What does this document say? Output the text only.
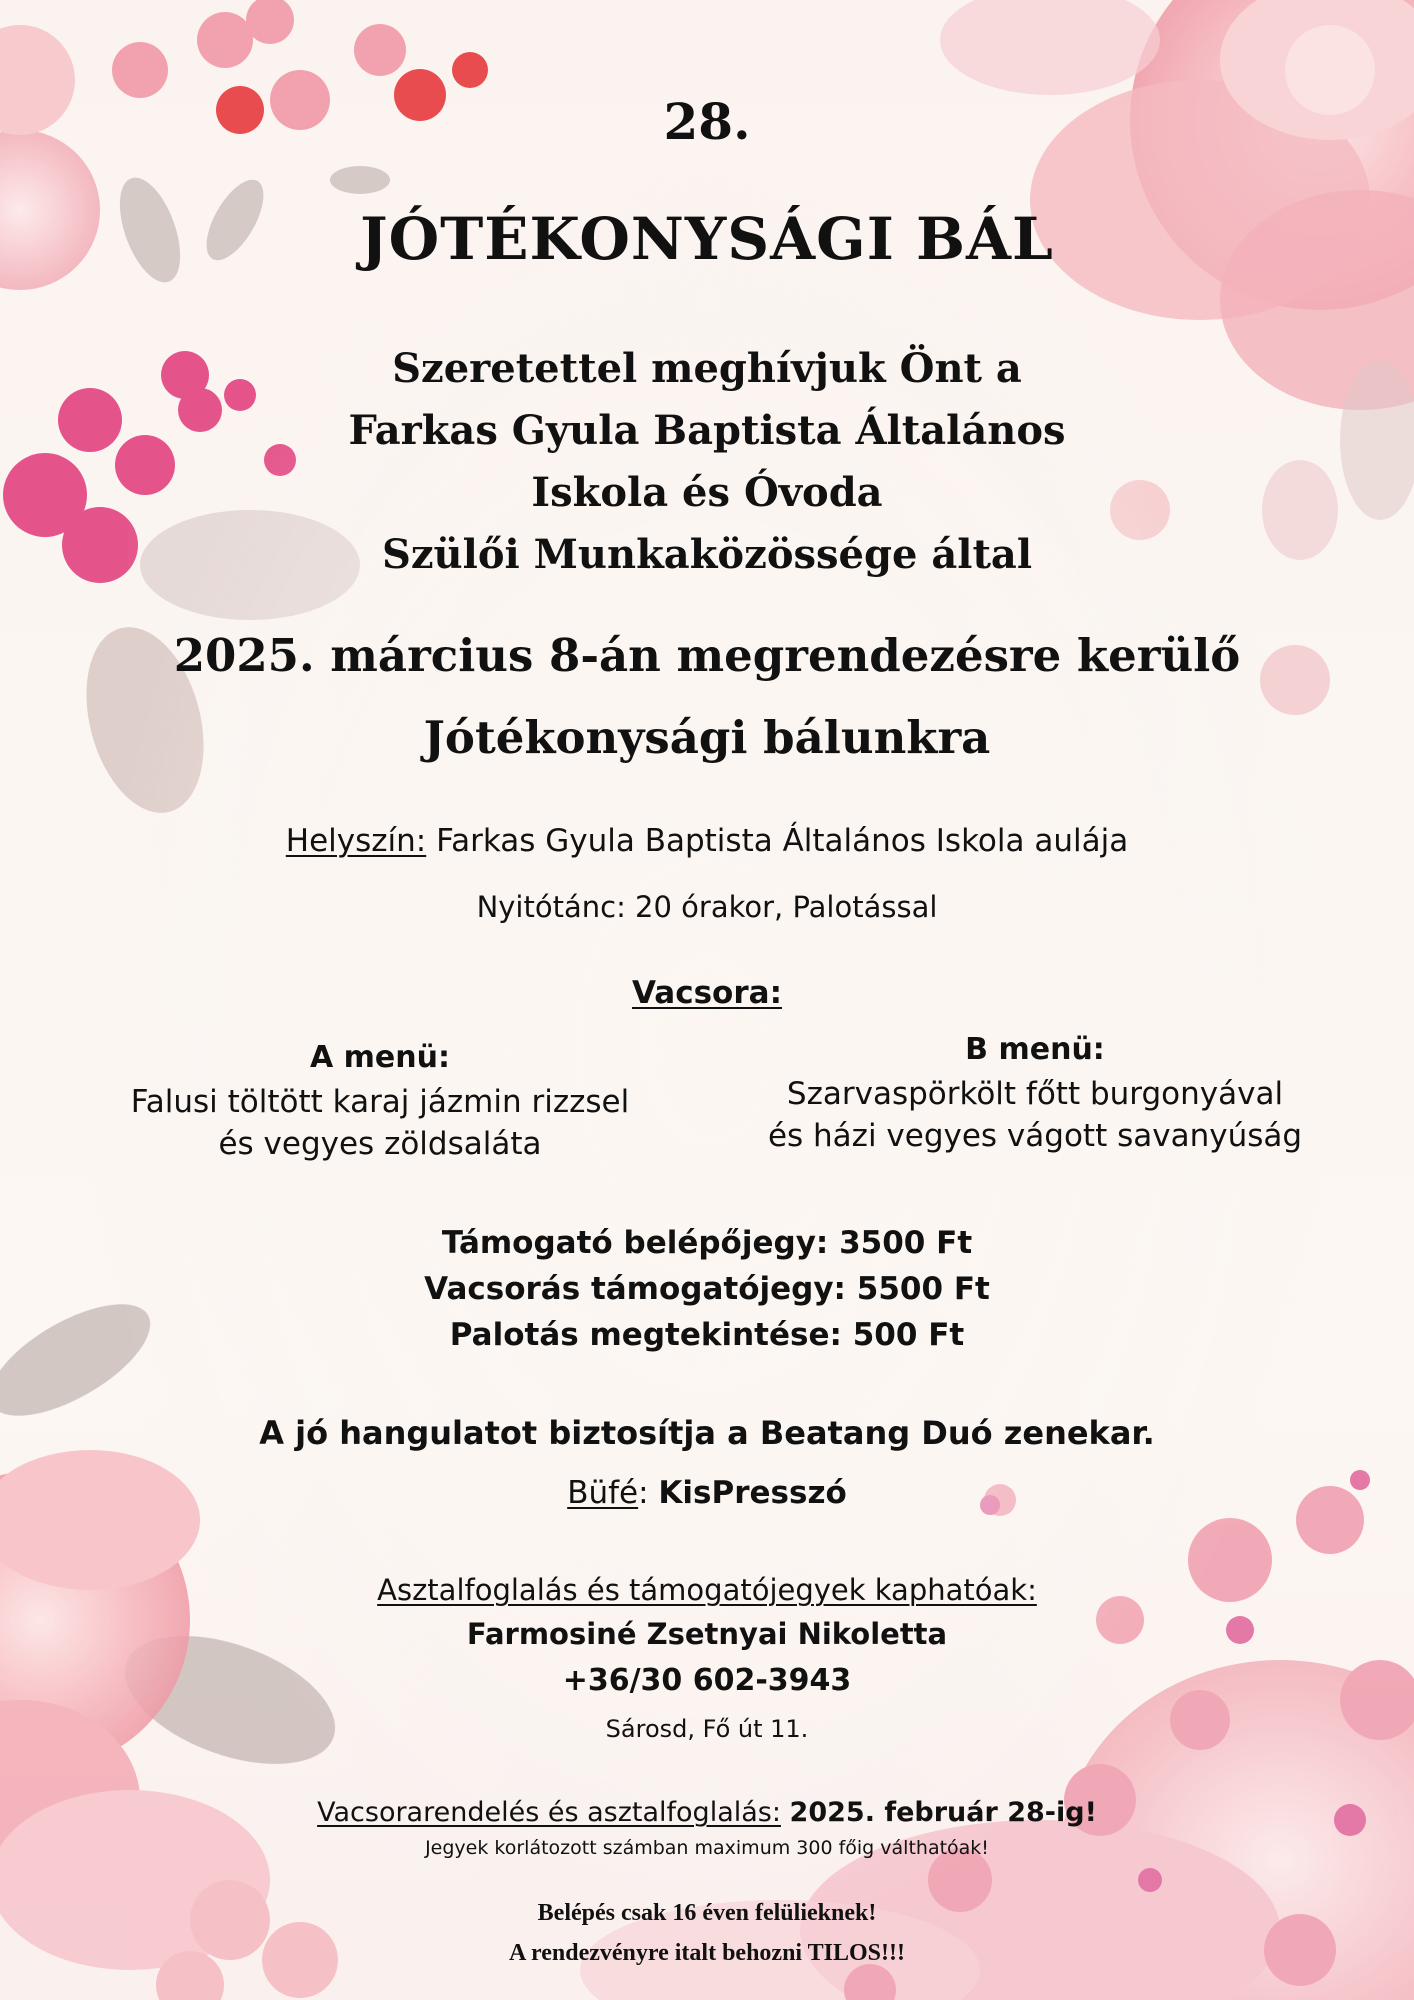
28.
JÓTÉKONYSÁGI BÁL
Szeretettel meghívjuk Önt a
Farkas Gyula Baptista Általános
Iskola és Óvoda
Szülői Munkaközössége által
2025. március 8-án megrendezésre kerülő
Jótékonysági bálunkra
Helyszín: Farkas Gyula Baptista Általános Iskola aulája
Nyitótánc: 20 órakor, Palotással
Vacsora:
A menü:
Falusi töltött karaj jázmin rizzsel
és vegyes zöldsaláta
B menü:
Szarvaspörkölt főtt burgonyával
és házi vegyes vágott savanyúság
Támogató belépőjegy: 3500 Ft
Vacsorás támogatójegy: 5500 Ft
Palotás megtekintése: 500 Ft
A jó hangulatot biztosítja a Beatang Duó zenekar.
Büfé: KisPresszó
Asztalfoglalás és támogatójegyek kaphatóak:
Farmosiné Zsetnyai Nikoletta
+36/30 602-3943
Sárosd, Fő út 11.
Vacsorarendelés és asztalfoglalás: 2025. február 28-ig!
Jegyek korlátozott számban maximum 300 főig válthatóak!
Belépés csak 16 éven felülieknek!
A rendezvényre italt behozni TILOS!!!
